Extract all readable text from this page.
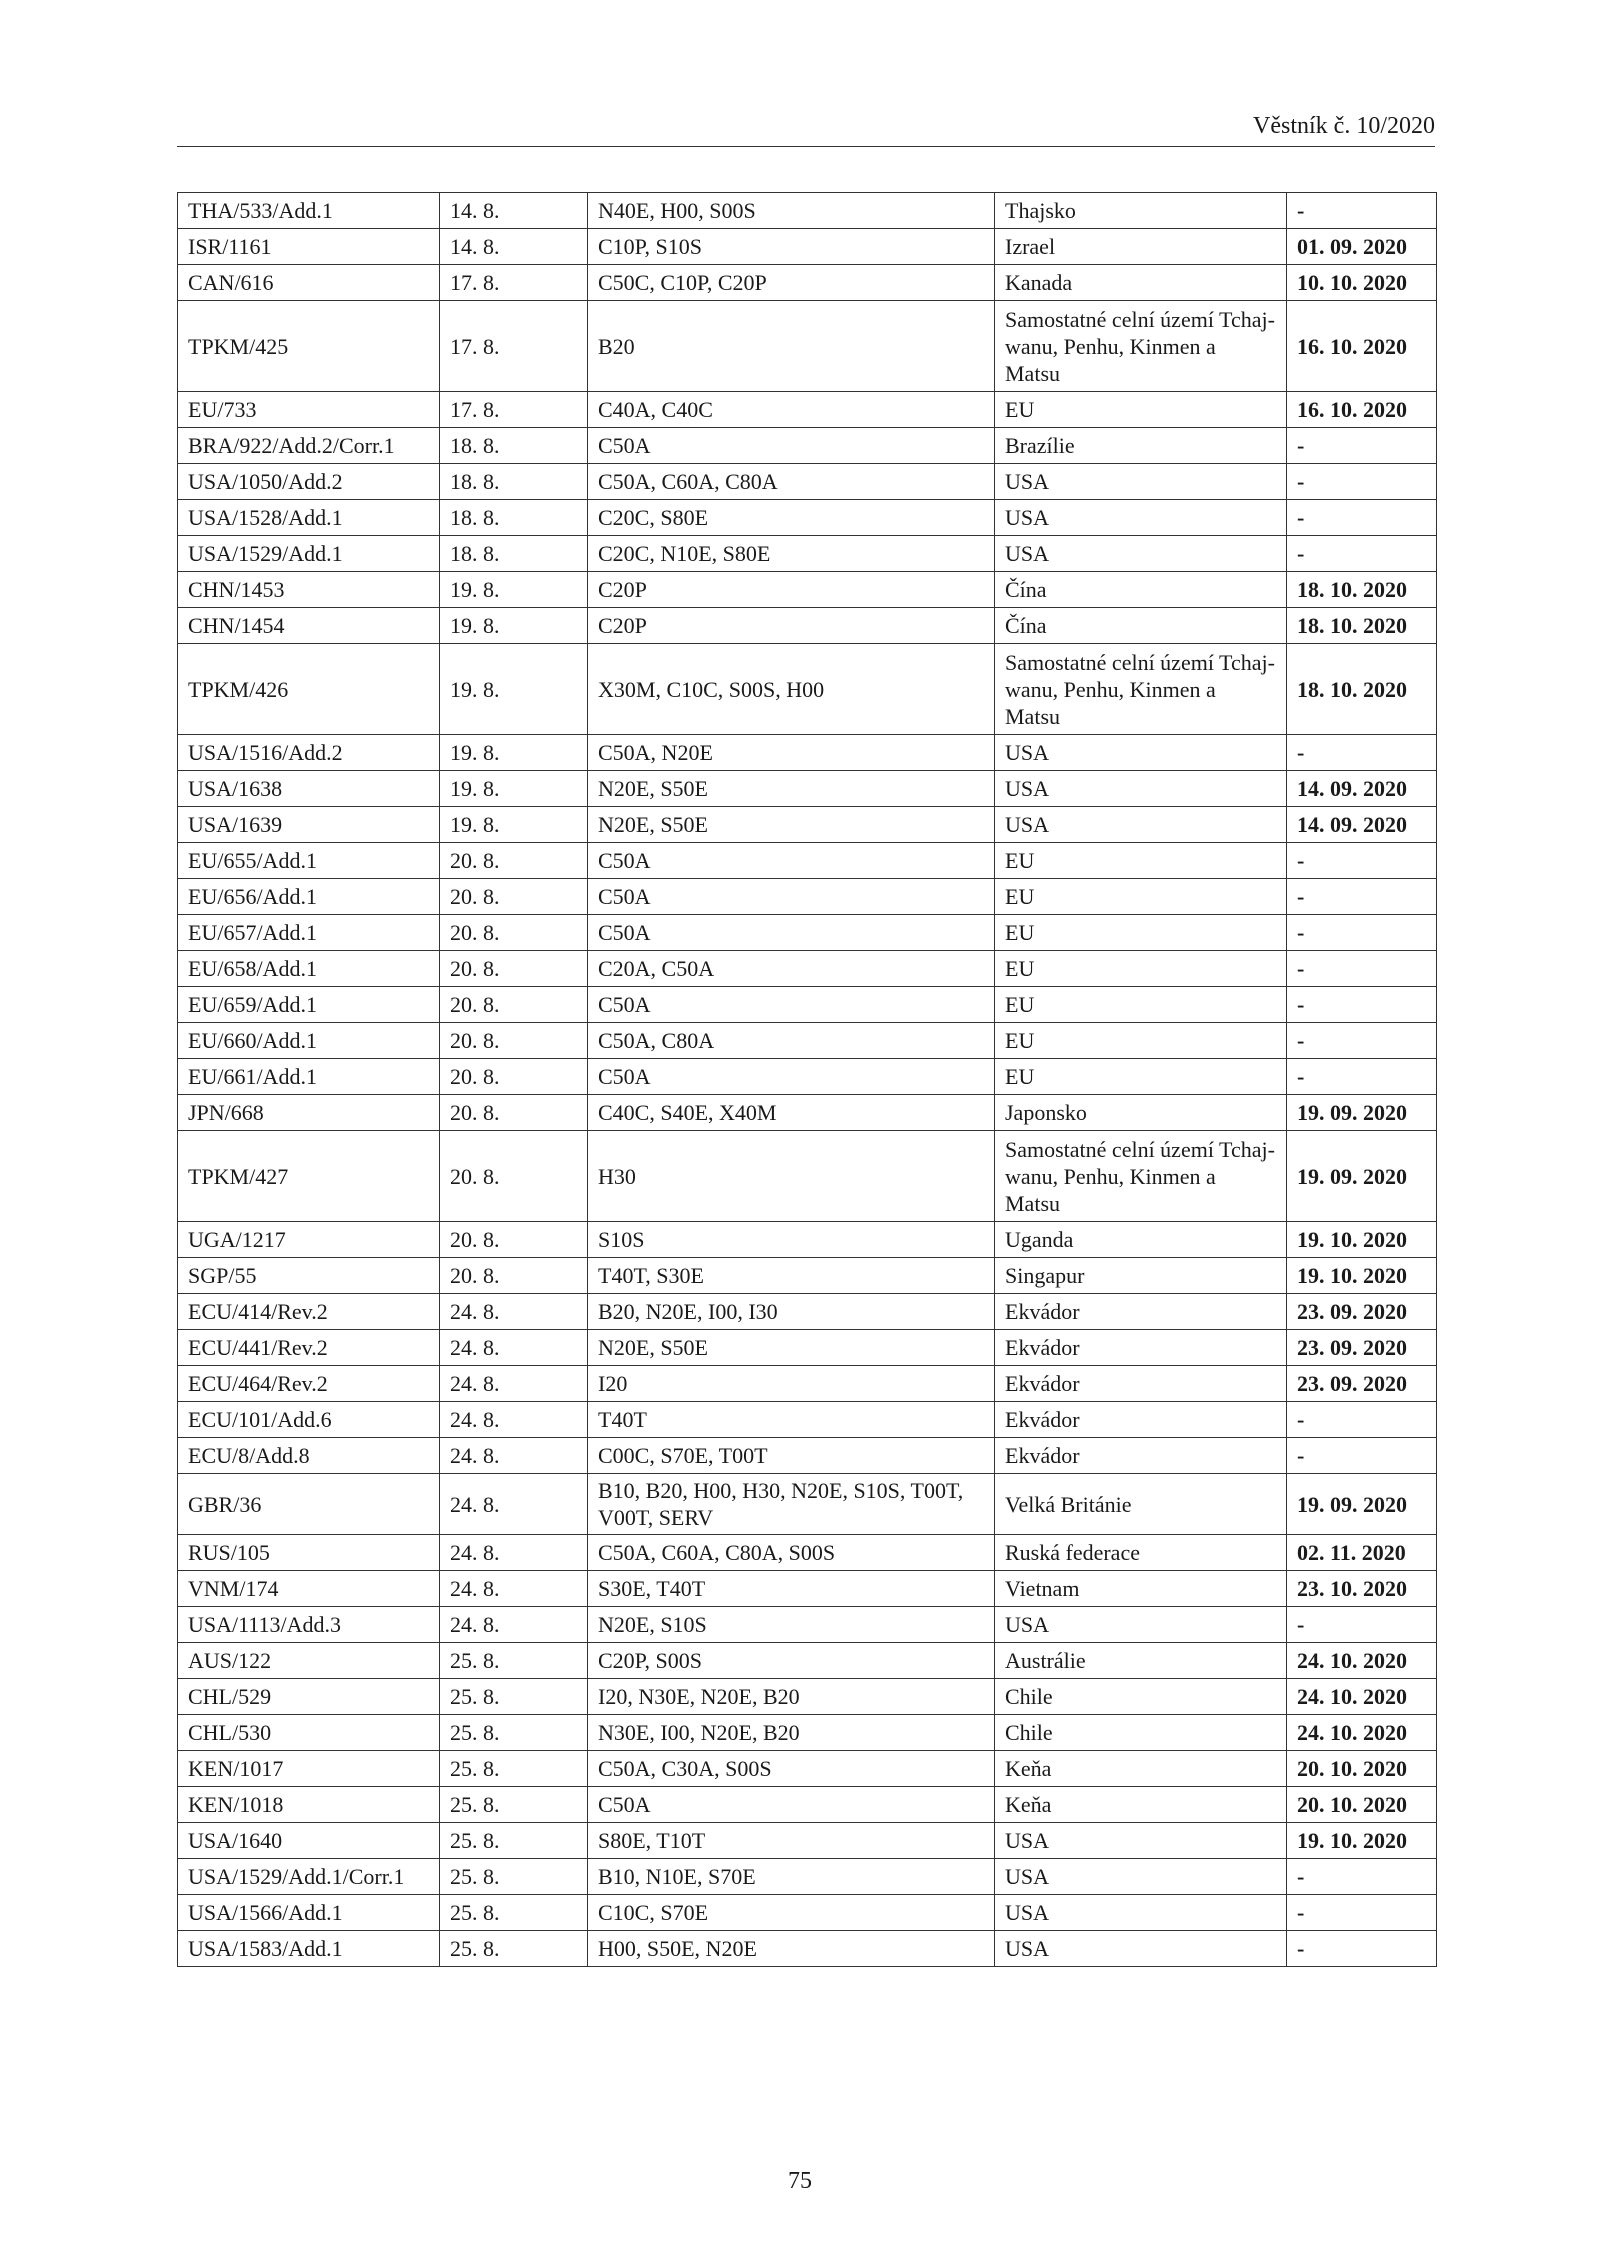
Věstník č. 10/2020
THA/533/Add.1	14. 8.	N40E, H00, S00S	Thajsko	-
ISR/1161	14. 8.	C10P, S10S	Izrael	01. 09. 2020
CAN/616	17. 8.	C50C, C10P, C20P	Kanada	10. 10. 2020
TPKM/425	17. 8.	B20	Samostatné celní území Tchaj-wanu, Penhu, Kinmen a Matsu	16. 10. 2020
EU/733	17. 8.	C40A, C40C	EU	16. 10. 2020
BRA/922/Add.2/Corr.1	18. 8.	C50A	Brazílie	-
USA/1050/Add.2	18. 8.	C50A, C60A, C80A	USA	-
USA/1528/Add.1	18. 8.	C20C, S80E	USA	-
USA/1529/Add.1	18. 8.	C20C, N10E, S80E	USA	-
CHN/1453	19. 8.	C20P	Čína	18. 10. 2020
CHN/1454	19. 8.	C20P	Čína	18. 10. 2020
TPKM/426	19. 8.	X30M, C10C, S00S, H00	Samostatné celní území Tchaj-wanu, Penhu, Kinmen a Matsu	18. 10. 2020
USA/1516/Add.2	19. 8.	C50A, N20E	USA	-
USA/1638	19. 8.	N20E, S50E	USA	14. 09. 2020
USA/1639	19. 8.	N20E, S50E	USA	14. 09. 2020
EU/655/Add.1	20. 8.	C50A	EU	-
EU/656/Add.1	20. 8.	C50A	EU	-
EU/657/Add.1	20. 8.	C50A	EU	-
EU/658/Add.1	20. 8.	C20A, C50A	EU	-
EU/659/Add.1	20. 8.	C50A	EU	-
EU/660/Add.1	20. 8.	C50A, C80A	EU	-
EU/661/Add.1	20. 8.	C50A	EU	-
JPN/668	20. 8.	C40C, S40E, X40M	Japonsko	19. 09. 2020
TPKM/427	20. 8.	H30	Samostatné celní území Tchaj-wanu, Penhu, Kinmen a Matsu	19. 09. 2020
UGA/1217	20. 8.	S10S	Uganda	19. 10. 2020
SGP/55	20. 8.	T40T, S30E	Singapur	19. 10. 2020
ECU/414/Rev.2	24. 8.	B20, N20E, I00, I30	Ekvádor	23. 09. 2020
ECU/441/Rev.2	24. 8.	N20E, S50E	Ekvádor	23. 09. 2020
ECU/464/Rev.2	24. 8.	I20	Ekvádor	23. 09. 2020
ECU/101/Add.6	24. 8.	T40T	Ekvádor	-
ECU/8/Add.8	24. 8.	C00C, S70E, T00T	Ekvádor	-
GBR/36	24. 8.	B10, B20, H00, H30, N20E, S10S, T00T, V00T, SERV	Velká Británie	19. 09. 2020
RUS/105	24. 8.	C50A, C60A, C80A, S00S	Ruská federace	02. 11. 2020
VNM/174	24. 8.	S30E, T40T	Vietnam	23. 10. 2020
USA/1113/Add.3	24. 8.	N20E, S10S	USA	-
AUS/122	25. 8.	C20P, S00S	Austrálie	24. 10. 2020
CHL/529	25. 8.	I20, N30E, N20E, B20	Chile	24. 10. 2020
CHL/530	25. 8.	N30E, I00, N20E, B20	Chile	24. 10. 2020
KEN/1017	25. 8.	C50A, C30A, S00S	Keňa	20. 10. 2020
KEN/1018	25. 8.	C50A	Keňa	20. 10. 2020
USA/1640	25. 8.	S80E, T10T	USA	19. 10. 2020
USA/1529/Add.1/Corr.1	25. 8.	B10, N10E, S70E	USA	-
USA/1566/Add.1	25. 8.	C10C, S70E	USA	-
USA/1583/Add.1	25. 8.	H00, S50E, N20E	USA	-
75
